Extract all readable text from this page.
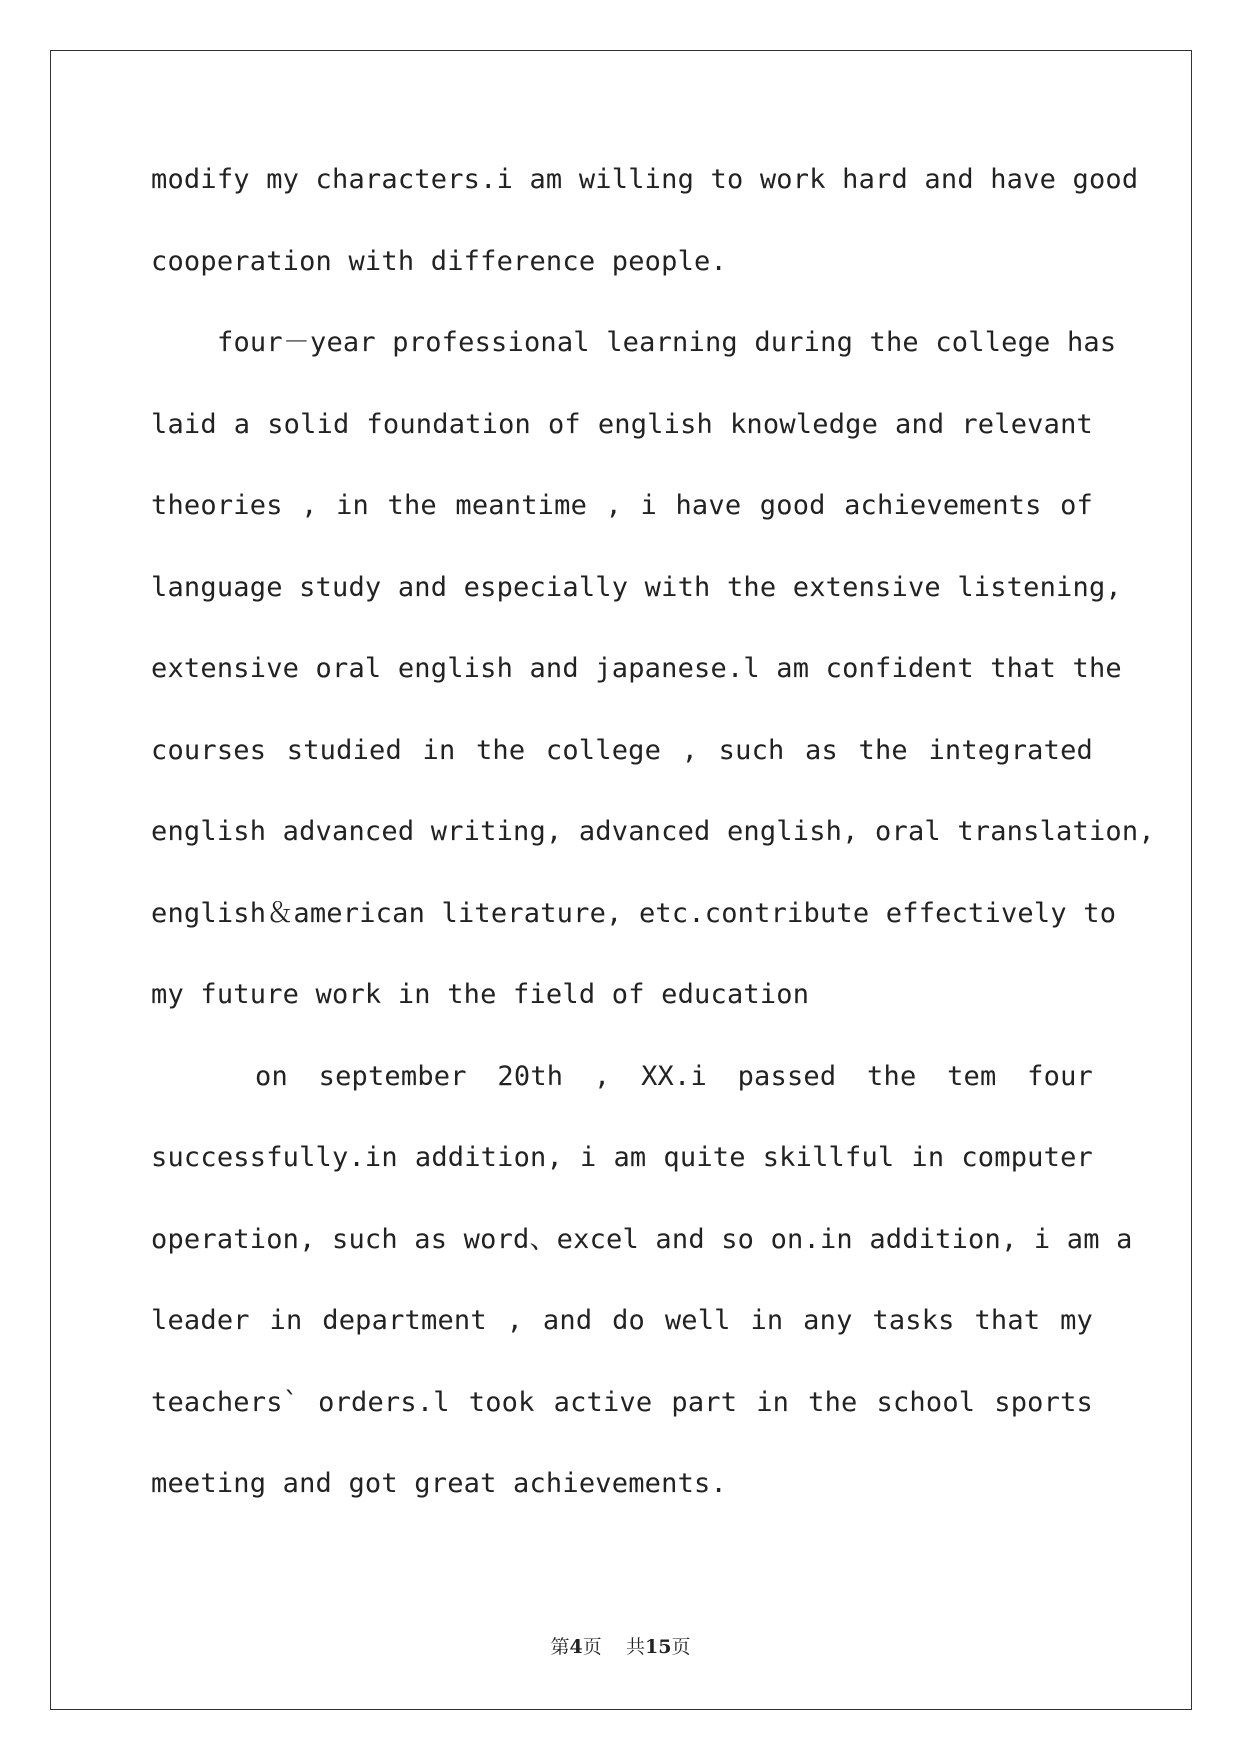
modify my characters.i am willing to work hard and have good
cooperation with difference people.
four－year professional learning during the college has
laid a solid foundation of english knowledge and relevant
theories , in the meantime , i have good achievements of
language study and especially with the extensive listening,
extensive oral english and japanese.l am confident that the
courses studied in the college , such as the integrated
english advanced writing, advanced english, oral translation,
english＆american literature, etc.contribute effectively to
my future work in the field of education
on september 20th , XX.i passed the tem four
successfully.in addition, i am quite skillful in computer
operation, such as word、excel and so on.in addition, i am a
leader in department , and do well in any tasks that my
teachers` orders.l took active part in the school sports
meeting and got great achievements.
第4页 共15页
